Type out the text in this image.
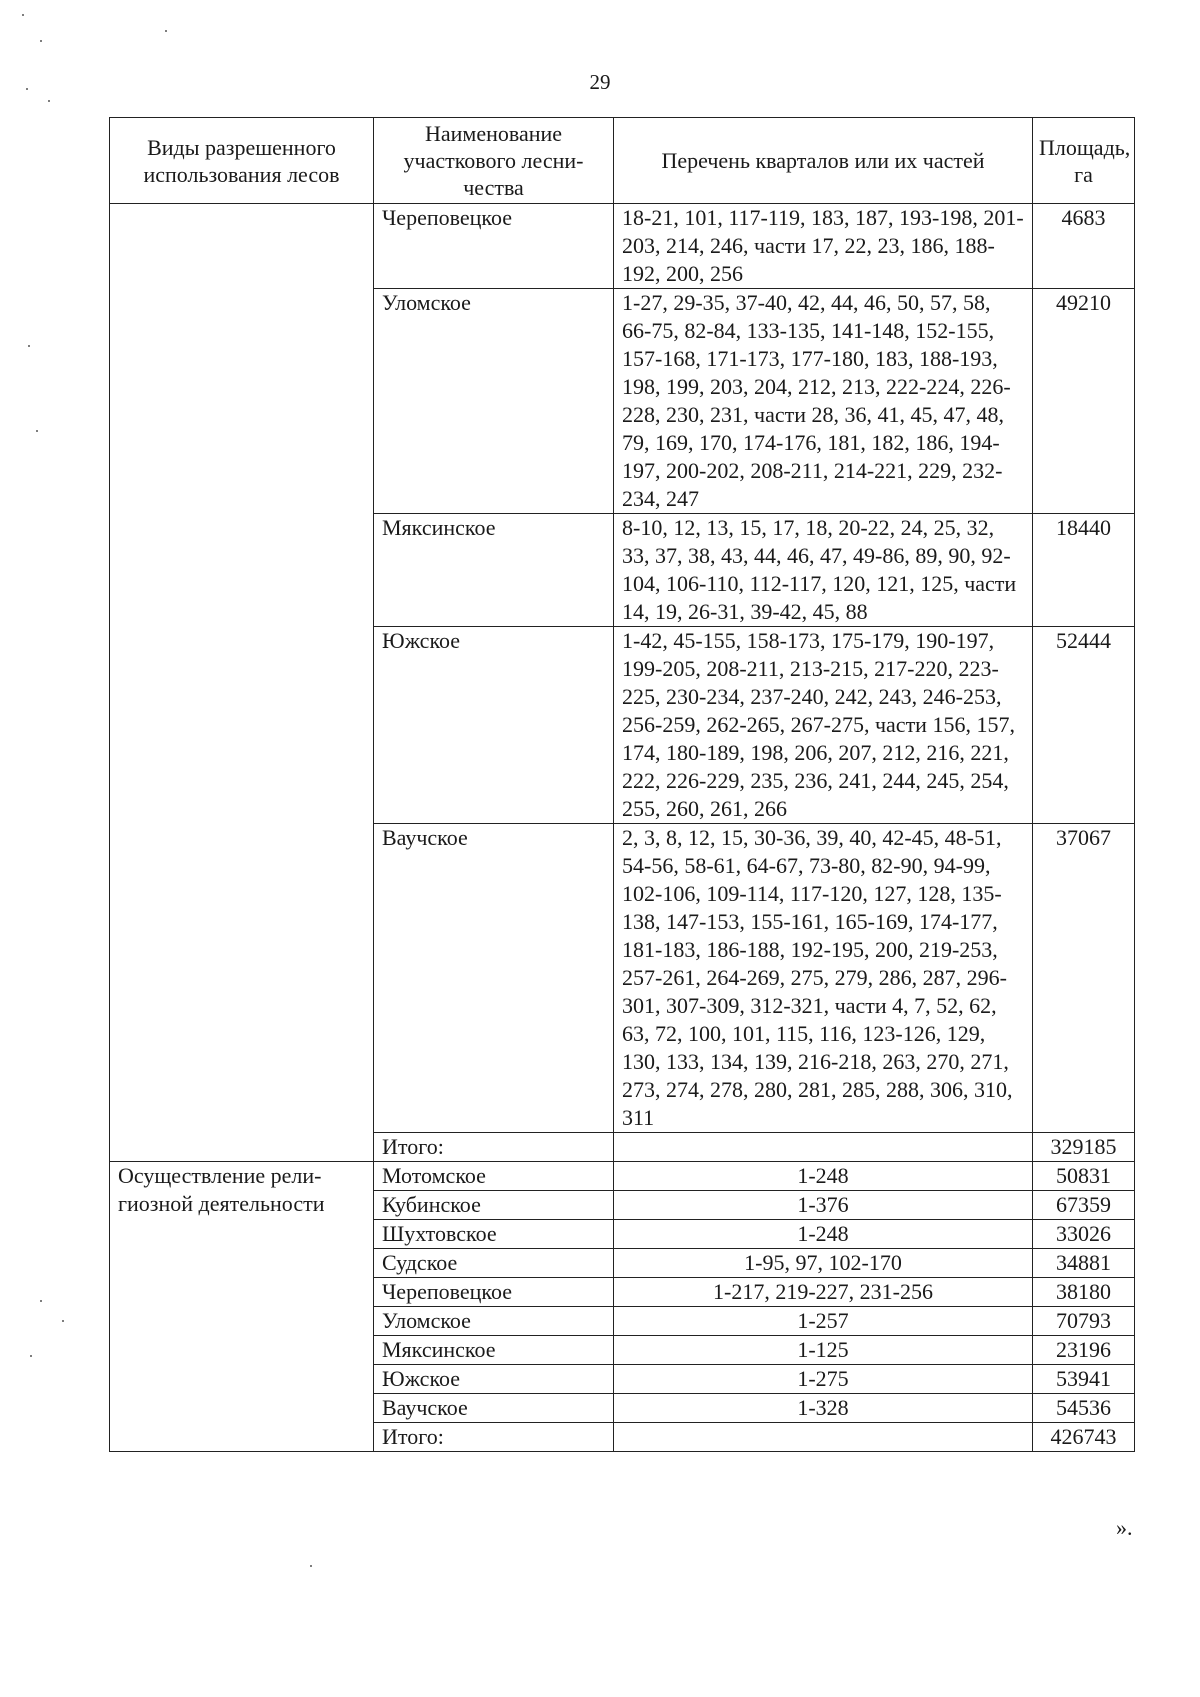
29
Виды разрешенного использования лесов	Наименование участкового лесни-чества	Перечень кварталов или их частей	Площадь, га
	Череповецкое	18-21, 101, 117-119, 183, 187, 193-198, 201-203, 214, 246, части 17, 22, 23, 186, 188-192, 200, 256	4683
	Уломское	1-27, 29-35, 37-40, 42, 44, 46, 50, 57, 58, 66-75, 82-84, 133-135, 141-148, 152-155, 157-168, 171-173, 177-180, 183, 188-193, 198, 199, 203, 204, 212, 213, 222-224, 226-228, 230, 231, части 28, 36, 41, 45, 47, 48, 79, 169, 170, 174-176, 181, 182, 186, 194-197, 200-202, 208-211, 214-221, 229, 232-234, 247	49210
	Мяксинское	8-10, 12, 13, 15, 17, 18, 20-22, 24, 25, 32, 33, 37, 38, 43, 44, 46, 47, 49-86, 89, 90, 92-104, 106-110, 112-117, 120, 121, 125, части 14, 19, 26-31, 39-42, 45, 88	18440
	Южское	1-42, 45-155, 158-173, 175-179, 190-197, 199-205, 208-211, 213-215, 217-220, 223-225, 230-234, 237-240, 242, 243, 246-253, 256-259, 262-265, 267-275, части 156, 157, 174, 180-189, 198, 206, 207, 212, 216, 221, 222, 226-229, 235, 236, 241, 244, 245, 254, 255, 260, 261, 266	52444
	Ваучское	2, 3, 8, 12, 15, 30-36, 39, 40, 42-45, 48-51, 54-56, 58-61, 64-67, 73-80, 82-90, 94-99, 102-106, 109-114, 117-120, 127, 128, 135-138, 147-153, 155-161, 165-169, 174-177, 181-183, 186-188, 192-195, 200, 219-253, 257-261, 264-269, 275, 279, 286, 287, 296-301, 307-309, 312-321, части 4, 7, 52, 62, 63, 72, 100, 101, 115, 116, 123-126, 129, 130, 133, 134, 139, 216-218, 263, 270, 271, 273, 274, 278, 280, 281, 285, 288, 306, 310, 311	37067
	Итого:		329185
Осуществление рели-гиозной деятельности	Мотомское	1-248	50831
	Кубинское	1-376	67359
	Шухтовское	1-248	33026
	Судское	1-95, 97, 102-170	34881
	Череповецкое	1-217, 219-227, 231-256	38180
	Уломское	1-257	70793
	Мяксинское	1-125	23196
	Южское	1-275	53941
	Ваучское	1-328	54536
	Итого:		426743
».
